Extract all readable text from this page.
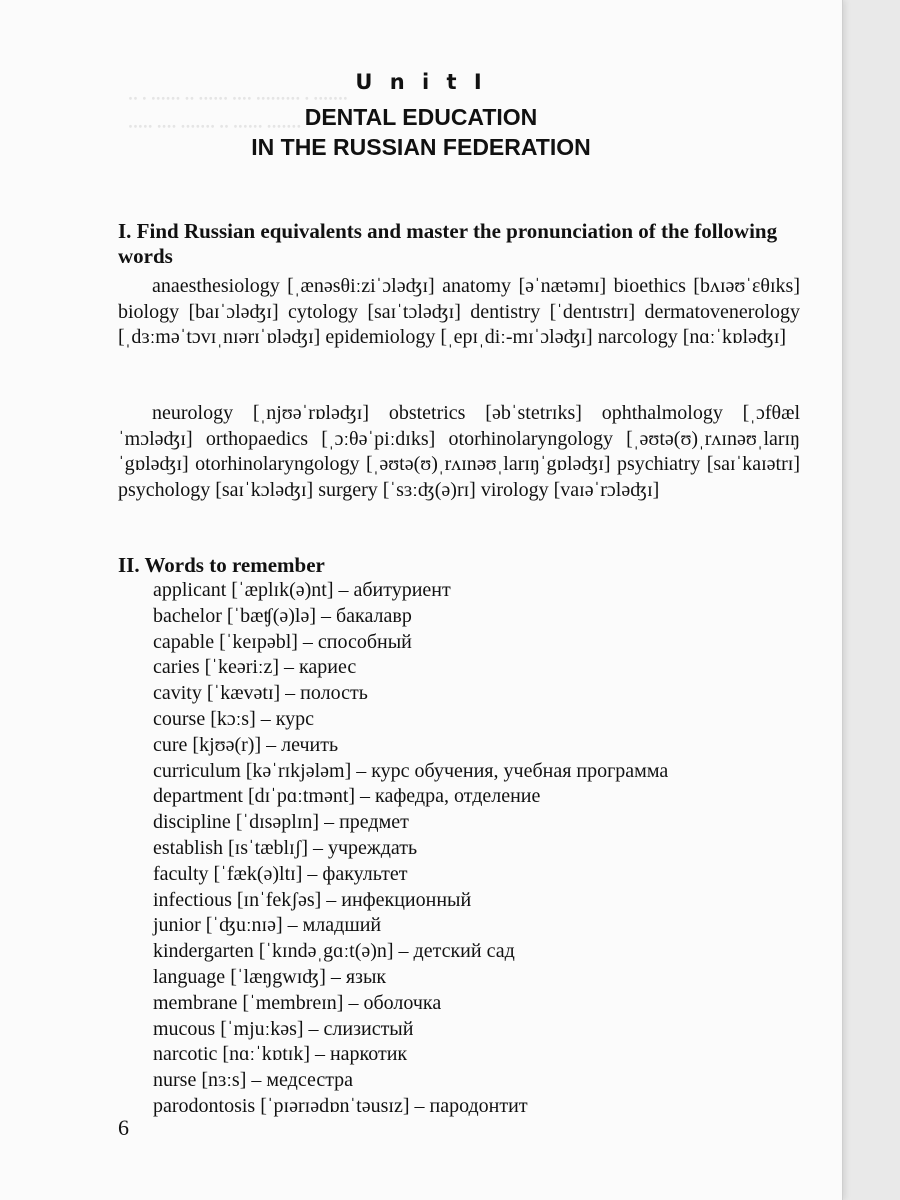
ꞏꞏ ꞏ ꞏꞏꞏꞏꞏꞏ ꞏꞏ ꞏꞏꞏꞏꞏꞏ ꞏꞏꞏꞏ ꞏꞏꞏꞏꞏꞏꞏꞏꞏ ꞏ ꞏꞏꞏꞏꞏꞏꞏ
ꞏꞏꞏꞏꞏ ꞏꞏꞏꞏ ꞏꞏꞏꞏꞏꞏꞏ ꞏꞏ ꞏꞏꞏꞏꞏꞏ ꞏꞏꞏꞏꞏꞏꞏ
U n i t I
DENTAL EDUCATION
IN THE RUSSIAN FEDERATION
I. Find Russian equivalents and master the pronunciation of the following words
anaesthesiology [ˌænəsθiːziˈɔləʤɪ] anatomy [əˈnætəmɪ] bioethics [bʌɪəʊˈɛθɪks] biology [baɪˈɔləʤɪ] cytology [saɪˈtɔləʤɪ] dentistry [ˈdentɪstrɪ] dermatovenerology [ˌdɜːməˈtɔvɪˌnɪərɪˈɒləʤɪ] epidemiology [ˌepɪˌdiː-mɪˈɔləʤɪ] narcology [nɑːˈkɒləʤɪ]
neurology [ˌnjʊəˈrɒləʤɪ] obstetrics [əbˈstetrɪks] ophthalmology [ˌɔfθælˈmɔləʤɪ] orthopaedics [ˌɔːθəˈpiːdɪks] otorhinolaryngology [ˌəʊtə(ʊ)ˌrʌɪnəʊˌlarɪŋˈgɒləʤɪ] otorhinolaryngology [ˌəʊtə(ʊ)ˌrʌɪnəʊˌlarɪŋˈgɒləʤɪ] psychiatry [saɪˈkaɪətrɪ] psychology [saɪˈkɔləʤɪ] surgery [ˈsɜːʤ(ə)rɪ] virology [vaɪəˈrɔləʤɪ]
II. Words to remember
applicant [ˈæplɪk(ə)nt] – абитуриент
bachelor [ˈbæʧ(ə)lə] – бакалавр
capable [ˈkeɪpəbl] – способный
caries [ˈkeəriːz] – кариес
cavity [ˈkævətɪ] – полость
course [kɔːs] – курс
cure [kjʊə(r)] – лечить
curriculum [kəˈrɪkjələm] – курс обучения, учебная программа
department [dɪˈpɑːtmənt] – кафедра, отделение
discipline [ˈdɪsəplɪn] – предмет
establish [ɪsˈtæblɪʃ] – учреждать
faculty [ˈfæk(ə)ltɪ] – факультет
infectious [ɪnˈfekʃəs] – инфекционный
junior [ˈʤuːnɪə] – младший
kindergarten [ˈkɪndəˌgɑːt(ə)n] – детский сад
language [ˈlæŋgwɪʤ] – язык
membrane [ˈmembreɪn] – оболочка
mucous [ˈmjuːkəs] – слизистый
narcotic [nɑːˈkɒtɪk] – наркотик
nurse [nɜːs] – медсестра
parodontosis [ˈpɪərɪədɒnˈtəusɪz] – пародонтит
6
